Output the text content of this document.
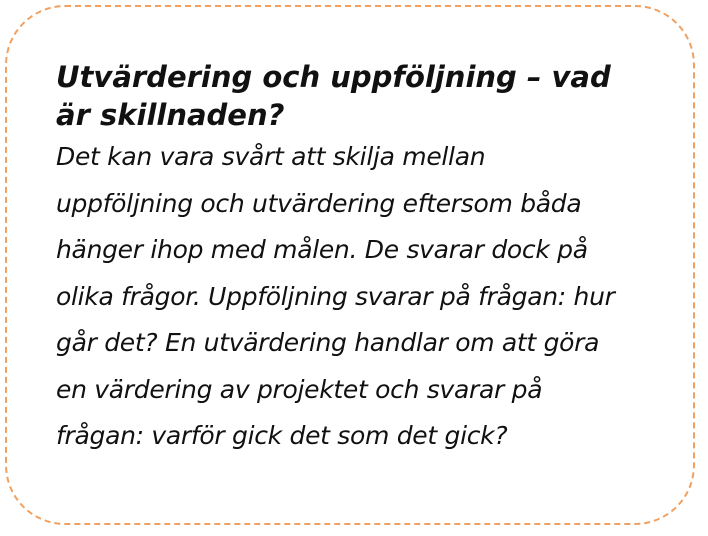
Utvärdering och uppföljning – vad
är skillnaden?

Det kan vara svårt att skilja mellan
uppföljning och utvärdering eftersom båda
hänger ihop med målen. De svarar dock på
olika frågor. Uppföljning svarar på frågan: hur
går det? En utvärdering handlar om att göra
en värdering av projektet och svarar på
frågan: varför gick det som det gick?
